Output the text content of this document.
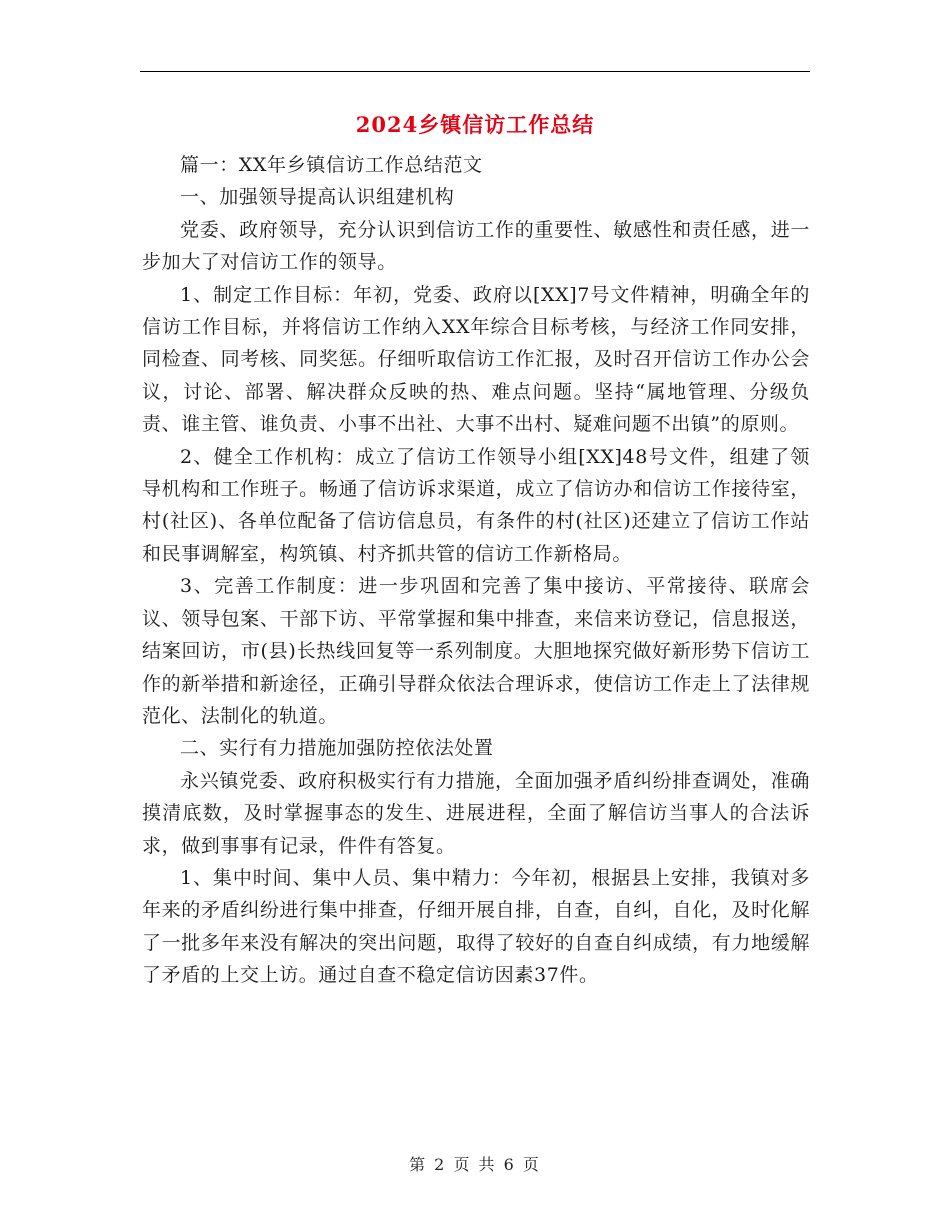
2024乡镇信访工作总结

篇一：XX年乡镇信访工作总结范文

一、加强领导提高认识组建机构

党委、政府领导，充分认识到信访工作的重要性、敏感性和责任感，进一步加大了对信访工作的领导。

1、制定工作目标：年初，党委、政府以[XX]7号文件精神，明确全年的信访工作目标，并将信访工作纳入XX年综合目标考核，与经济工作同安排，同检查、同考核、同奖惩。仔细听取信访工作汇报，及时召开信访工作办公会议，讨论、部署、解决群众反映的热、难点问题。坚持“属地管理、分级负责、谁主管、谁负责、小事不出社、大事不出村、疑难问题不出镇”的原则。

2、健全工作机构：成立了信访工作领导小组[XX]48号文件，组建了领导机构和工作班子。畅通了信访诉求渠道，成立了信访办和信访工作接待室，村(社区)、各单位配备了信访信息员，有条件的村(社区)还建立了信访工作站和民事调解室，构筑镇、村齐抓共管的信访工作新格局。

3、完善工作制度：进一步巩固和完善了集中接访、平常接待、联席会议、领导包案、干部下访、平常掌握和集中排查，来信来访登记，信息报送，结案回访，市(县)长热线回复等一系列制度。大胆地探究做好新形势下信访工作的新举措和新途径，正确引导群众依法合理诉求，使信访工作走上了法律规范化、法制化的轨道。

二、实行有力措施加强防控依法处置

永兴镇党委、政府积极实行有力措施，全面加强矛盾纠纷排查调处，准确摸清底数，及时掌握事态的发生、进展进程，全面了解信访当事人的合法诉求，做到事事有记录，件件有答复。

1、集中时间、集中人员、集中精力：今年初，根据县上安排，我镇对多年来的矛盾纠纷进行集中排查，仔细开展自排，自查，自纠，自化，及时化解了一批多年来没有解决的突出问题，取得了较好的自查自纠成绩，有力地缓解了矛盾的上交上访。通过自查不稳定信访因素37件。

第 2 页 共 6 页
